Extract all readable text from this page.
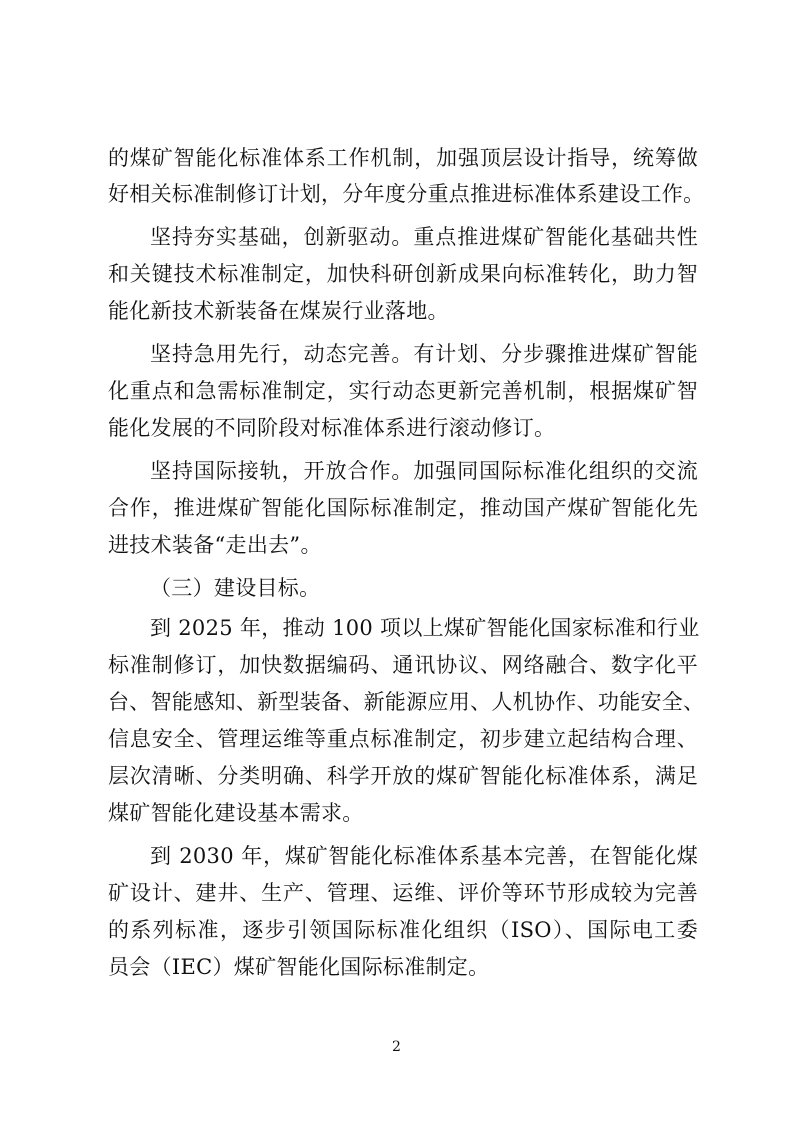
的煤矿智能化标准体系工作机制，加强顶层设计指导，统筹做
好相关标准制修订计划，分年度分重点推进标准体系建设工作。
坚持夯实基础，创新驱动。重点推进煤矿智能化基础共性
和关键技术标准制定，加快科研创新成果向标准转化，助力智
能化新技术新装备在煤炭行业落地。
坚持急用先行，动态完善。有计划、分步骤推进煤矿智能
化重点和急需标准制定，实行动态更新完善机制，根据煤矿智
能化发展的不同阶段对标准体系进行滚动修订。
坚持国际接轨，开放合作。加强同国际标准化组织的交流
合作，推进煤矿智能化国际标准制定，推动国产煤矿智能化先
进技术装备“走出去”。
（三）建设目标。
到 2025 年，推动 100 项以上煤矿智能化国家标准和行业
标准制修订，加快数据编码、通讯协议、网络融合、数字化平
台、智能感知、新型装备、新能源应用、人机协作、功能安全、
信息安全、管理运维等重点标准制定，初步建立起结构合理、
层次清晰、分类明确、科学开放的煤矿智能化标准体系，满足
煤矿智能化建设基本需求。
到 2030 年，煤矿智能化标准体系基本完善，在智能化煤
矿设计、建井、生产、管理、运维、评价等环节形成较为完善
的系列标准，逐步引领国际标准化组织（ISO）、国际电工委
员会（IEC）煤矿智能化国际标准制定。
2
